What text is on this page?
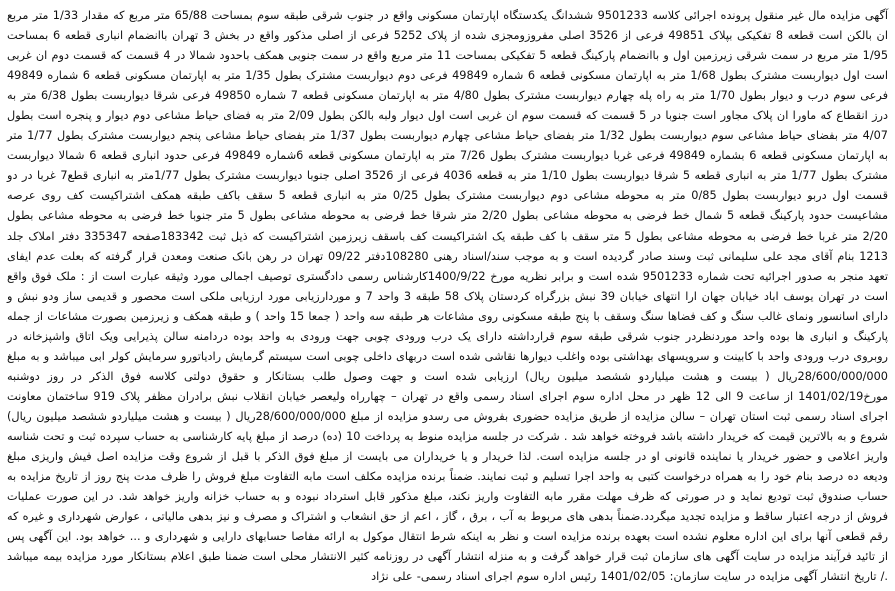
آگهی مزایده مال غیر منقول پرونده اجرائی کلاسه 9501233 ششدانگ یکدستگاه اپارتمان مسکونی واقع در جنوب شرقی طبقه سوم بمساحت 65/88 متر مربع که مقدار 1/33 متر مربع ان بالکن است قطعه 8 تفکیکی بپلاک 49851 فرعی از 3526 اصلی مفروزومجزی شده از پلاک 5252 فرعی از اصلی مذکور واقع در بخش 3 تهران باانضمام انباری قطعه 6 بمساحت 1/95 متر مربع در سمت شرقی زیرزمین اول و باانضمام پارکینگ قطعه 5 تفکیکی بمساحت 11 متر مربع واقع در سمت جنوبی همکف باحدود شمالا در 4 قسمت که قسمت دوم ان غربی است اول دیواربست مشترک بطول 1/68 متر به اپارتمان مسکونی قطعه 6 شماره 49849 فرعی دوم دیواربست مشترک بطول 1/35 متر به اپارتمان مسکونی قطعه 6 شماره 49849 فرعی سوم درب و دیوار بطول 1/70 متر به راه پله چهارم دیواربست مشترک بطول 4/80 متر به اپارتمان مسکونی قطعه 7 شماره 49850 فرعی شرقا دیواربست بطول 6/38 متر به درز انقطاع که ماورا ان پلاک مجاور است جنوبا در 5 قسمت که قسمت سوم ان غربی است اول دیوار ولبه بالکن بطول 2/09 متر به فضای حیاط مشاعی دوم دیوار و پنجره است بطول 4/07 متر بفضای حیاط مشاعی سوم دیواربست بطول 1/32 متر بفضای حیاط مشاعی چهارم دیواربست بطول 1/37 متر بفضای حیاط مشاعی پنجم دیواربست مشترک بطول 1/77 متر به اپارتمان مسکونی قطعه 6 بشماره 49849 فرعی غربا دیواربست مشترک بطول 7/26 متر به اپارتمان مسکونی قطعه 6شماره 49849 فرعی حدود انباری قطعه 6 شمالا دیواربست مشترک بطول 1/77 متر به انباری قطعه 5 شرقا دیواربست بطول 1/10 متر به قطعه 4036 فرعی از 3526 اصلی جنوبا دیواربست مشترک بطول 1/77متر به انباری قطع7 غربا در دو قسمت اول دربو دیواربست بطول 0/85 متر به محوطه مشاعی دوم دیواربست مشترک بطول 0/25 متر به انباری قطعه 5 سقف باکف طبقه همکف اشتراکیست کف روی عرصه مشاعیست حدود پارکینگ قطعه 5 شمال خط فرضی به محوطه مشاعی بطول 2/20 متر شرقا خط فرضی به محوطه مشاعی بطول 5 متر جنوبا خط فرضی به محوطه مشاعی بطول 2/20 متر غربا خط فرضی به محوطه مشاعی بطول 5 متر سقف با کف طبقه یک اشتراکیست کف باسقف زیرزمین اشتراکیست که ذیل ثبت 183342صفحه 335347 دفتر املاک جلد 1213 بنام آقای مجد علی سلیمانی ثبت وسند صادر گردیده است و به موجب سند/اسناد رهنی 108280دفتر 09/22 تهران در رهن بانک صنعت ومعدن قرار گرفته که بعلت عدم ایفای تعهد منجر به صدور اجرائیه تحت شماره 9501233 شده است و برابر نظریه مورخ 1400/9/22کارشناس رسمی دادگستری توصیف اجمالی مورد وثیقه عبارت است از : ملک فوق واقع است در تهران یوسف اباد خیابان جهان ارا انتهای خیابان 39 نبش بزرگراه کردستان پلاک 58 طبقه 3 واحد 7 و موردارزیابی مورد ارزیابی ملکی است محصور و قدیمی ساز ودو نبش و دارای اسانسور ونمای غالب سنگ و کف فضاها سنگ وسقف با پنج طبقه مسکونی روی مشاعات هر طبقه سه واحد ( جمعا 15 واحد ) و طبقه همکف و زیرزمین بصورت مشاعات از جمله پارکینگ و انباری ها بوده واحد موردنظردر جنوب شرقی طبقه سوم قرارداشته دارای یک درب ورودی چوبی جهت ورودی به واحد بوده دردامنه سالن پذیرایی ویک اتاق واشپزخانه در روبروی درب ورودی واحد با کابینت و سرویسهای بهداشتی بوده واغلب دیوارها نقاشی شده است دربهای داخلی چوبی است سیستم گرمایش رادیاتورو سرمایش کولر ابی میباشد و به مبلغ 28/600/000/000ریال ( بیست و هشت میلیاردو ششصد میلیون ریال) ارزیابی شده است و جهت وصول طلب بستانکار و حقوق دولتی کلاسه فوق الذکر در روز دوشنبه مورخ1401/02/19 از ساعت 9 الی 12 ظهر در محل اداره سوم اجرای اسناد رسمی واقع در تهران – چهارراه ولیعصر خیابان انقلاب نبش برادران مظفر پلاک 919 ساختمان معاونت اجرای اسناد رسمی ثبت استان تهران – سالن مزایده از طریق مزایده حضوری بفروش می رسدو مزایده از مبلغ 28/600/000/000ریال ( بیست و هشت میلیاردو ششصد میلیون ریال) شروع و به بالاترین قیمت که خریدار داشته باشد فروخته خواهد شد . شرکت در جلسه مزایده منوط به پرداخت 10 (ده) درصد از مبلغ پایه کارشناسی به حساب سپرده ثبت و تحت شناسه واریز اعلامی و حضور خریدار یا نماینده قانونی او در جلسه مزایده است. لذا خریدار و یا خریداران می بایست از مبلغ فوق الذکر با قبل از شروع وقت مزایده اصل فیش واریزی مبلغ ودیعه ده درصد بنام خود را به همراه درخواست کتبی به واحد اجرا تسلیم و ثبت نمایند. ضمناً برنده مزایده مکلف است مابه التفاوت مبلغ فروش را ظرف مدت پنج روز از تاریخ مزایده به حساب صندوق ثبت تودیع نماید و در صورتی که ظرف مهلت مقرر مابه التفاوت واریز نکند، مبلغ مذکور قابل استرداد نبوده و به حساب خزانه واریز خواهد شد. در این صورت عملیات فروش از درجه اعتبار ساقط و مزایده تجدید میگردد.ضمناً بدهی های مربوط به آب ، برق ، گاز ، اعم از حق انشعاب و اشتراک و مصرف و نیز بدهی مالیاتی ، عوارض شهرداری و غیره که رقم قطعی آنها برای این اداره معلوم نشده است بعهده برنده مزایده است و نظر به اینکه شرط انتقال موکول به ارائه مفاصا حسابهای دارایی و شهرداری و ... خواهد بود. این آگهی پس از تائید فرآیند مزایده در سایت آگهی های سازمان ثبت قرار خواهد گرفت و به منزله انتشار آگهی در روزنامه کثیر الانتشار محلی است ضمنا طبق اعلام بستانکار مورد مزایده بیمه میباشد ./ تاریخ انتشار آگهی مزایده در سایت سازمان: 1401/02/05 رئیس اداره سوم اجرای اسناد رسمی- علی نژاد
